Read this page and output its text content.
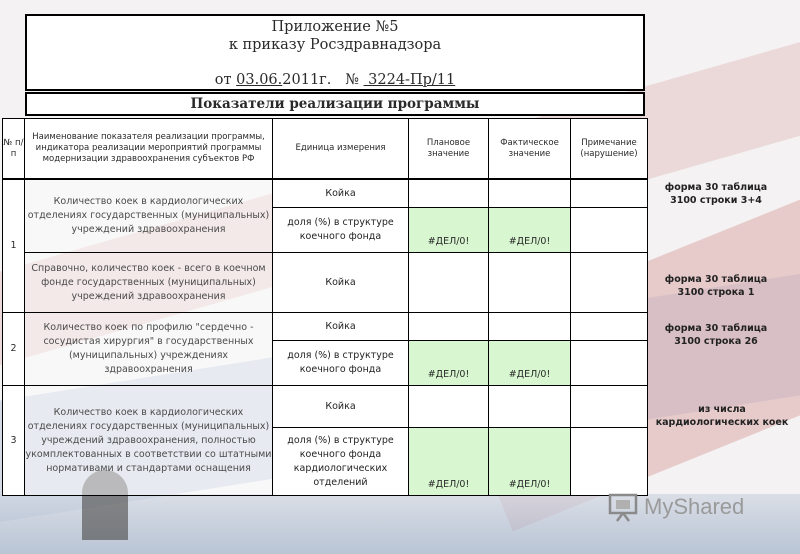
Приложение №5
к приказу Росздравнадзора
от 03.06.2011г.   №  3224-Пр/11
Показатели реализации программы
№ п/п	Наименование показателя реализации программы, индикатора реализации мероприятий программы модернизации здравоохранения субъектов РФ	Единица измерения	Плановое значение	Фактическое значение	Примечание (нарушение)
1	Количество коек в кардиологических отделениях государственных (муниципальных) учреждений здравоохранения	Койка			
		доля (%) в структуре коечного фонда	#ДЕЛ/0!	#ДЕЛ/0!	

	Справочно, количество коек - всего в коечном фонде государственных (муниципальных) учреждений здравоохранения	Койка			

2	Количество коек по профилю "сердечно - сосудистая хирургия" в государственных (муниципальных) учреждениях здравоохранения	Койка			
		доля (%) в структуре коечного фонда	#ДЕЛ/0!	#ДЕЛ/0!	

3	Количество коек в кардиологических отделениях государственных (муниципальных) учреждений здравоохранения, полностью укомплектованных в соответствии со штатными нормативами и стандартами оснащения	Койка			
		доля (%) в структуре коечного фонда кардиологических отделений	#ДЕЛ/0!	#ДЕЛ/0!	

форма 30 таблица 3100 строки 3+4
форма 30 таблица 3100 строка 1
форма 30 таблица 3100 строка 26
из числа кардиологических коек
MyShared
